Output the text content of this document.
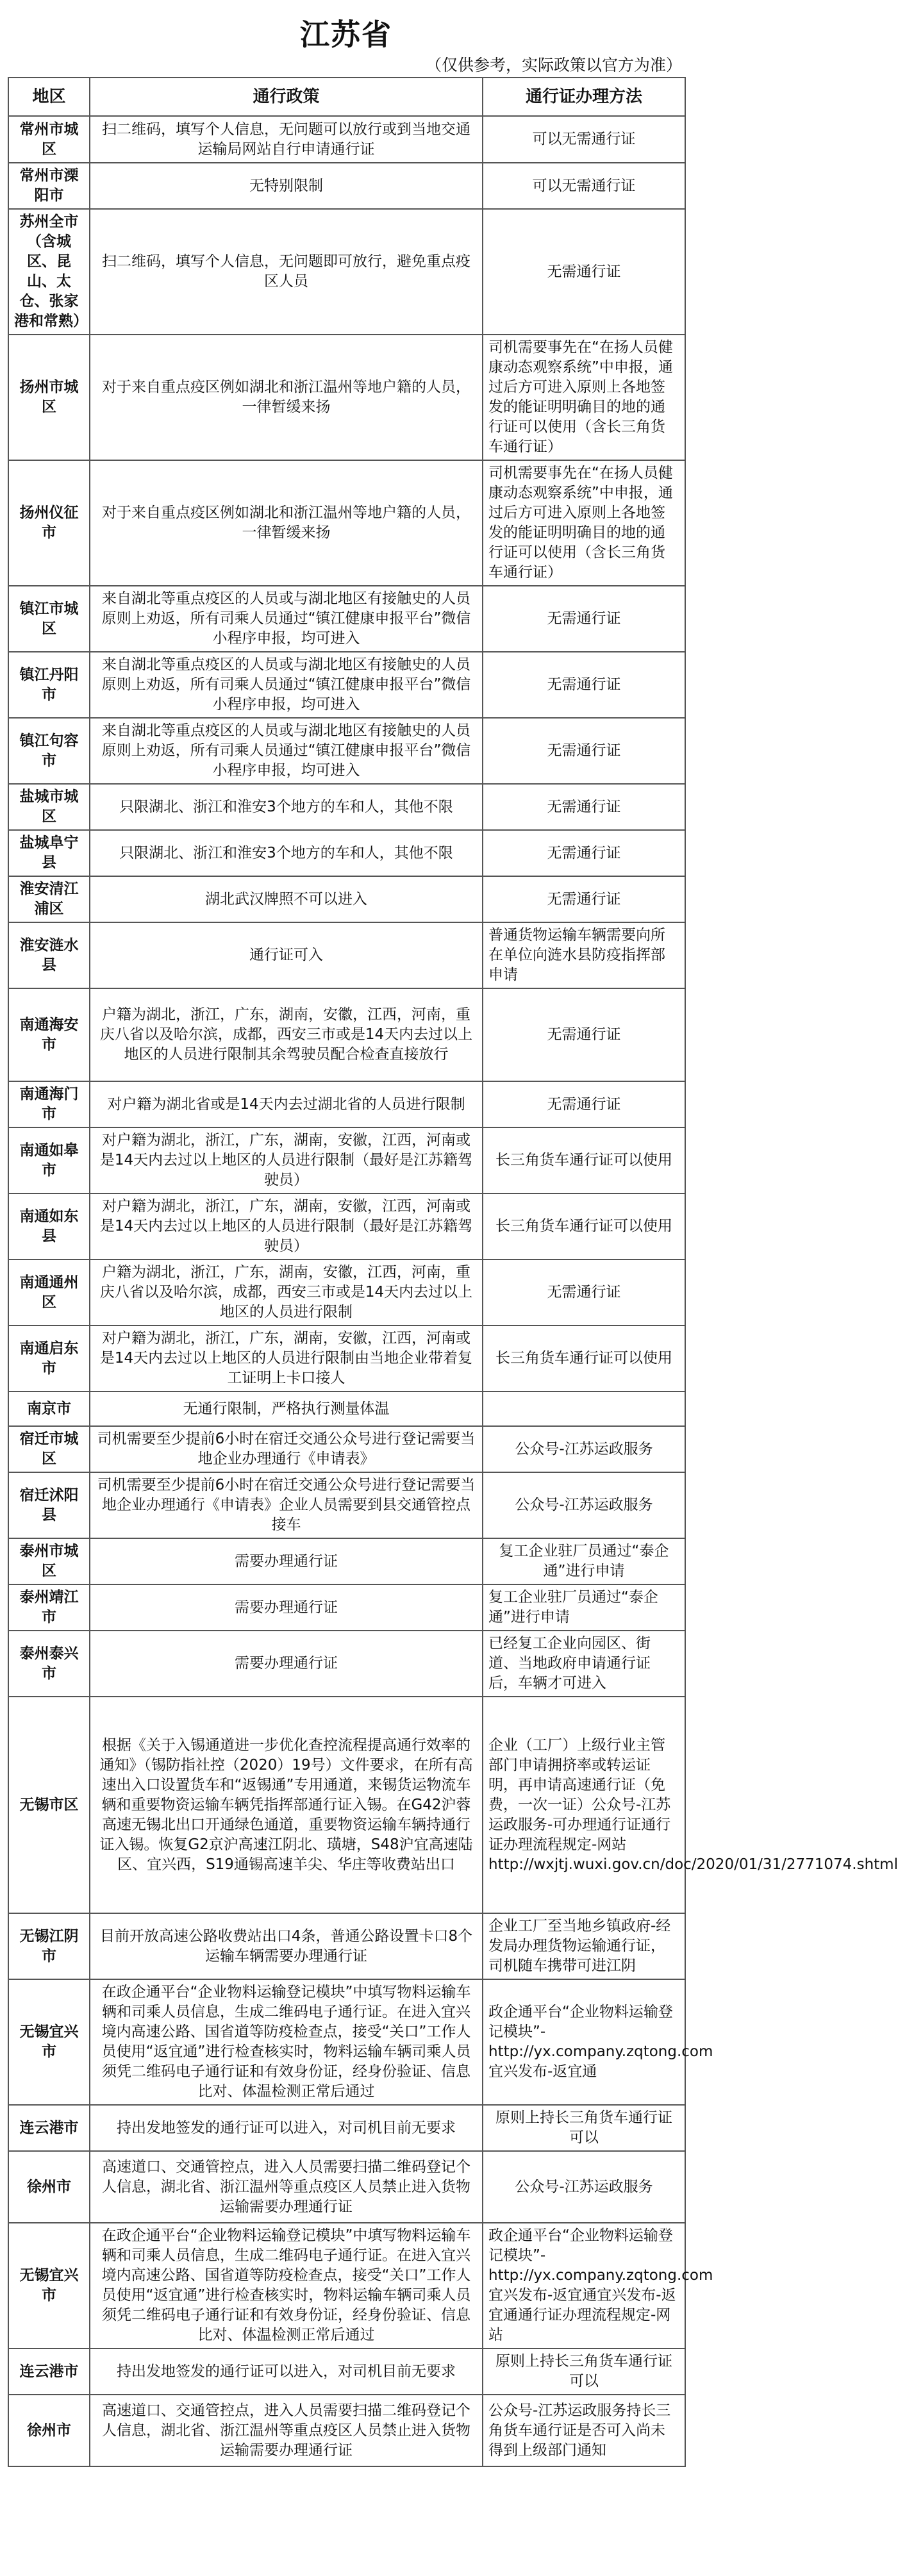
江苏省
（仅供参考，实际政策以官方为准）
地区	通行政策	通行证办理方法
常州市城区	扫二维码，填写个人信息，无问题可以放行或到当地交通运输局网站自行申请通行证	可以无需通行证
常州市溧阳市	无特别限制	可以无需通行证
苏州全市（含城区、昆山、太仓、张家港和常熟）	扫二维码，填写个人信息，无问题即可放行，避免重点疫区人员	无需通行证
扬州市城区	对于来自重点疫区例如湖北和浙江温州等地户籍的人员，一律暂缓来扬	司机需要事先在“在扬人员健康动态观察系统”中申报，通过后方可进入原则上各地签发的能证明明确目的地的通行证可以使用（含长三角货车通行证）
扬州仪征市	对于来自重点疫区例如湖北和浙江温州等地户籍的人员，一律暂缓来扬	司机需要事先在“在扬人员健康动态观察系统”中申报，通过后方可进入原则上各地签发的能证明明确目的地的通行证可以使用（含长三角货车通行证）
镇江市城区	来自湖北等重点疫区的人员或与湖北地区有接触史的人员原则上劝返，所有司乘人员通过“镇江健康申报平台”微信小程序申报，均可进入	无需通行证
镇江丹阳市	来自湖北等重点疫区的人员或与湖北地区有接触史的人员原则上劝返，所有司乘人员通过“镇江健康申报平台”微信小程序申报，均可进入	无需通行证
镇江句容市	来自湖北等重点疫区的人员或与湖北地区有接触史的人员原则上劝返，所有司乘人员通过“镇江健康申报平台”微信小程序申报，均可进入	无需通行证
盐城市城区	只限湖北、浙江和淮安3个地方的车和人，其他不限	无需通行证
盐城阜宁县	只限湖北、浙江和淮安3个地方的车和人，其他不限	无需通行证
淮安清江浦区	湖北武汉牌照不可以进入	无需通行证
淮安涟水县	通行证可入	普通货物运输车辆需要向所在单位向涟水县防疫指挥部申请
南通海安市	户籍为湖北，浙江，广东，湖南，安徽，江西，河南，重庆八省以及哈尔滨，成都，西安三市或是14天内去过以上地区的人员进行限制其余驾驶员配合检查直接放行	无需通行证
南通海门市	对户籍为湖北省或是14天内去过湖北省的人员进行限制	无需通行证
南通如皋市	对户籍为湖北，浙江，广东，湖南，安徽，江西，河南或是14天内去过以上地区的人员进行限制（最好是江苏籍驾驶员）	长三角货车通行证可以使用
南通如东县	对户籍为湖北，浙江，广东，湖南，安徽，江西，河南或是14天内去过以上地区的人员进行限制（最好是江苏籍驾驶员）	长三角货车通行证可以使用
南通通州区	户籍为湖北，浙江，广东，湖南，安徽，江西，河南，重庆八省以及哈尔滨，成都，西安三市或是14天内去过以上地区的人员进行限制	无需通行证
南通启东市	对户籍为湖北，浙江，广东，湖南，安徽，江西，河南或是14天内去过以上地区的人员进行限制由当地企业带着复工证明上卡口接人	长三角货车通行证可以使用
南京市	无通行限制，严格执行测量体温	
宿迁市城区	司机需要至少提前6小时在宿迁交通公众号进行登记需要当地企业办理通行《申请表》	公众号-江苏运政服务
宿迁沭阳县	司机需要至少提前6小时在宿迁交通公众号进行登记需要当地企业办理通行《申请表》企业人员需要到县交通管控点接车	公众号-江苏运政服务
泰州市城区	需要办理通行证	复工企业驻厂员通过“泰企通”进行申请
泰州靖江市	需要办理通行证	复工企业驻厂员通过“泰企通”进行申请
泰州泰兴市	需要办理通行证	已经复工企业向园区、街道、当地政府申请通行证后，车辆才可进入
无锡市区	根据《关于入锡通道进一步优化查控流程提高通行效率的通知》（锡防指社控（2020）19号）文件要求，在所有高速出入口设置货车和“返锡通”专用通道，来锡货运物流车辆和重要物资运输车辆凭指挥部通行证入锡。在G42沪蓉高速无锡北出口开通绿色通道，重要物资运输车辆持通行证入锡。恢复G2京沪高速江阴北、璜塘，S48沪宜高速陆区、宜兴西，S19通锡高速羊尖、华庄等收费站出口	企业（工厂）上级行业主管部门申请拥挤率或转运证明，再申请高速通行证（免费，一次一证）公众号-江苏运政服务-可办理通行证通行证办理流程规定-网站http://wxjtj.wuxi.gov.cn/doc/2020/01/31/2771074.shtml
无锡江阴市	目前开放高速公路收费站出口4条，普通公路设置卡口8个运输车辆需要办理通行证	企业工厂至当地乡镇政府-经发局办理货物运输通行证，司机随车携带可进江阴
无锡宜兴市	在政企通平台“企业物料运输登记模块”中填写物料运输车辆和司乘人员信息，生成二维码电子通行证。在进入宜兴境内高速公路、国省道等防疫检查点，接受“关口”工作人员使用“返宜通”进行检查核实时，物料运输车辆司乘人员须凭二维码电子通行证和有效身份证，经身份验证、信息比对、体温检测正常后通过	政企通平台“企业物料运输登记模块”-http://yx.company.zqtong.com宜兴发布-返宜通
连云港市	持出发地签发的通行证可以进入，对司机目前无要求	原则上持长三角货车通行证可以
徐州市	高速道口、交通管控点，进入人员需要扫描二维码登记个人信息，湖北省、浙江温州等重点疫区人员禁止进入货物运输需要办理通行证	公众号-江苏运政服务
无锡宜兴市	在政企通平台“企业物料运输登记模块”中填写物料运输车辆和司乘人员信息，生成二维码电子通行证。在进入宜兴境内高速公路、国省道等防疫检查点，接受“关口”工作人员使用“返宜通”进行检查核实时，物料运输车辆司乘人员须凭二维码电子通行证和有效身份证，经身份验证、信息比对、体温检测正常后通过	政企通平台“企业物料运输登记模块”-http://yx.company.zqtong.com宜兴发布-返宜通宜兴发布-返宜通通行证办理流程规定-网站
连云港市	持出发地签发的通行证可以进入，对司机目前无要求	原则上持长三角货车通行证可以
徐州市	高速道口、交通管控点，进入人员需要扫描二维码登记个人信息，湖北省、浙江温州等重点疫区人员禁止进入货物运输需要办理通行证	公众号-江苏运政服务持长三角货车通行证是否可入尚未得到上级部门通知
